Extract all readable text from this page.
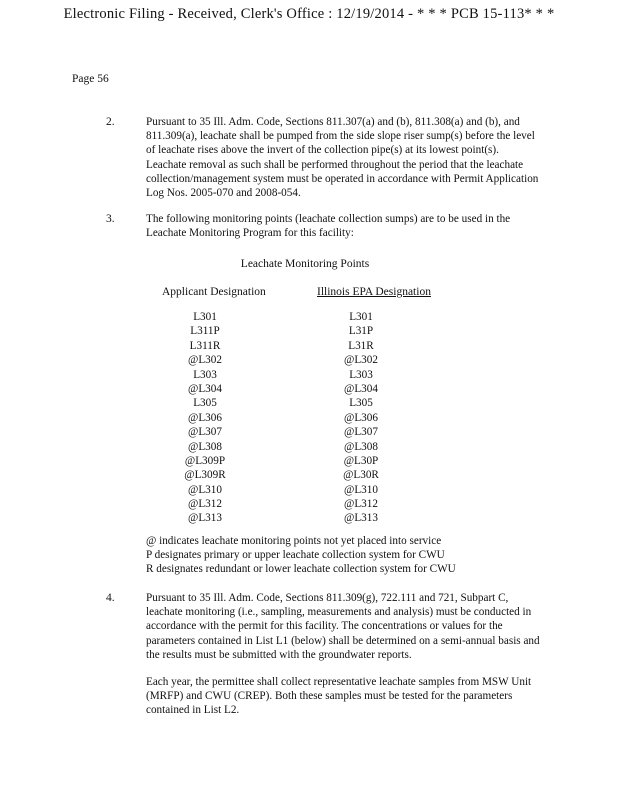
Electronic Filing - Received, Clerk's Office : 12/19/2014 - * * * PCB 15-113* * *
Page 56
2.	Pursuant to 35 Ill. Adm. Code, Sections 811.307(a) and (b), 811.308(a) and (b), and 811.309(a), leachate shall be pumped from the side slope riser sump(s) before the level of leachate rises above the invert of the collection pipe(s) at its lowest point(s). Leachate removal as such shall be performed throughout the period that the leachate collection/management system must be operated in accordance with Permit Application Log Nos. 2005-070 and 2008-054.
3.	The following monitoring points (leachate collection sumps) are to be used in the Leachate Monitoring Program for this facility:
Leachate Monitoring Points
Applicant Designation	Illinois EPA Designation
L301	L301
L311P	L31P
L311R	L31R
@L302	@L302
L303	L303
@L304	@L304
L305	L305
@L306	@L306
@L307	@L307
@L308	@L308
@L309P	@L30P
@L309R	@L30R
@L310	@L310
@L312	@L312
@L313	@L313
@ indicates leachate monitoring points not yet placed into service
P designates primary or upper leachate collection system for CWU
R designates redundant or lower leachate collection system for CWU
4.	Pursuant to 35 Ill. Adm. Code, Sections 811.309(g), 722.111 and 721, Subpart C, leachate monitoring (i.e., sampling, measurements and analysis) must be conducted in accordance with the permit for this facility. The concentrations or values for the parameters contained in List L1 (below) shall be determined on a semi-annual basis and the results must be submitted with the groundwater reports.
Each year, the permittee shall collect representative leachate samples from MSW Unit (MRFP) and CWU (CREP). Both these samples must be tested for the parameters contained in List L2.
